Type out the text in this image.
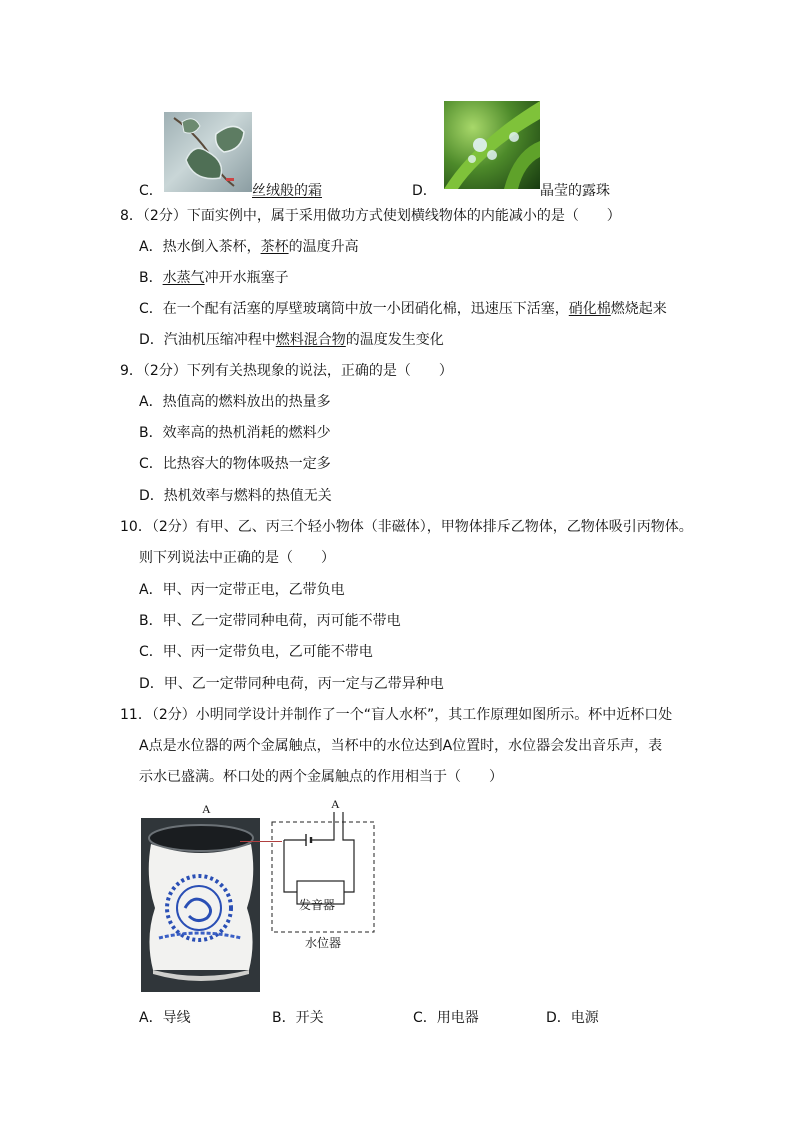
C．	丝绒般的霜	D．	晶莹的露珠
8．（2分）下面实例中，属于采用做功方式使划横线物体的内能减小的是（　　）
A．热水倒入茶杯，茶杯的温度升高
B．水蒸气冲开水瓶塞子
C．在一个配有活塞的厚壁玻璃筒中放一小团硝化棉，迅速压下活塞，硝化棉燃烧起来
D．汽油机压缩冲程中燃料混合物的温度发生变化
9．（2分）下列有关热现象的说法，正确的是（　　）
A．热值高的燃料放出的热量多
B．效率高的热机消耗的燃料少
C．比热容大的物体吸热一定多
D．热机效率与燃料的热值无关
10．（2分）有甲、乙、丙三个轻小物体（非磁体），甲物体排斥乙物体，乙物体吸引丙物体。
则下列说法中正确的是（　　）
A．甲、丙一定带正电，乙带负电
B．甲、乙一定带同种电荷，丙可能不带电
C．甲、丙一定带负电，乙可能不带电
D．甲、乙一定带同种电荷，丙一定与乙带异种电
11．（2分）小明同学设计并制作了一个“盲人水杯”，其工作原理如图所示。杯中近杯口处
A点是水位器的两个金属触点，当杯中的水位达到A位置时，水位器会发出音乐声，表
示水已盛满。杯口处的两个金属触点的作用相当于（　　）
A	A
发音器
水位器
A．导线	B．开关	C．用电器	D．电源
